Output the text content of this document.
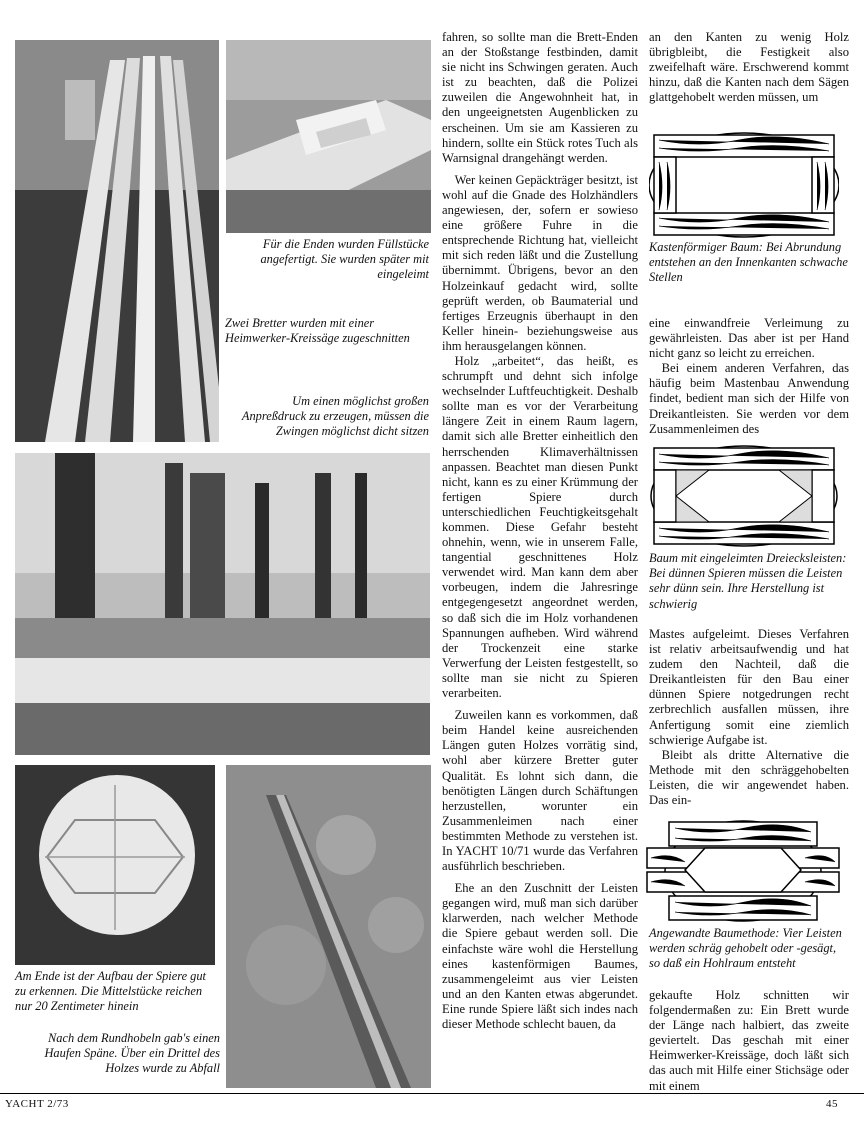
Für die Enden wurden Füllstücke angefertigt. Sie wurden später mit eingeleimt

Zwei Bretter wurden mit einer Heimwerker-Kreissäge zugeschnitten

Um einen möglichst großen Anpreßdruck zu erzeugen, müssen die Zwingen möglichst dicht sitzen

Am Ende ist der Aufbau der Spiere gut zu erkennen. Die Mittelstücke reichen nur 20 Zentimeter hinein

Nach dem Rundhobeln gab's einen Haufen Späne. Über ein Drittel des Holzes wurde zu Abfall

fahren, so sollte man die Brett-Enden an der Stoßstange festbinden, damit sie nicht ins Schwingen geraten. Auch ist zu beachten, daß die Polizei zuweilen die Angewohnheit hat, in den ungeeignetsten Augenblicken zu erscheinen. Um sie am Kassieren zu hindern, sollte ein Stück rotes Tuch als Warnsignal drangehängt werden.

Wer keinen Gepäckträger besitzt, ist wohl auf die Gnade des Holzhändlers angewiesen, der, sofern er sowieso eine größere Fuhre in die entsprechende Richtung hat, vielleicht mit sich reden läßt und die Zustellung übernimmt. Übrigens, bevor an den Holzeinkauf gedacht wird, sollte geprüft werden, ob Baumaterial und fertiges Erzeugnis überhaupt in den Keller hinein- beziehungsweise aus ihm herausgelangen können.

Holz „arbeitet“, das heißt, es schrumpft und dehnt sich infolge wechselnder Luftfeuchtigkeit. Deshalb sollte man es vor der Verarbeitung längere Zeit in einem Raum lagern, damit sich alle Bretter einheitlich den herrschenden Klimaverhältnissen anpassen. Beachtet man diesen Punkt nicht, kann es zu einer Krümmung der fertigen Spiere durch unterschiedlichen Feuchtigkeitsgehalt kommen. Diese Gefahr besteht ohnehin, wenn, wie in unserem Falle, tangential geschnittenes Holz verwendet wird. Man kann dem aber vorbeugen, indem die Jahresringe entgegengesetzt angeordnet werden, so daß sich die im Holz vorhandenen Spannungen aufheben. Wird während der Trockenzeit eine starke Verwerfung der Leisten festgestellt, so sollte man sie nicht zu Spieren verarbeiten.

Zuweilen kann es vorkommen, daß beim Handel keine ausreichenden Längen guten Holzes vorrätig sind, wohl aber kürzere Bretter guter Qualität. Es lohnt sich dann, die benötigten Längen durch Schäftungen herzustellen, worunter ein Zusammenleimen nach einer bestimmten Methode zu verstehen ist. In YACHT 10/71 wurde das Verfahren ausführlich beschrieben.

Ehe an den Zuschnitt der Leisten gegangen wird, muß man sich darüber klarwerden, nach welcher Methode die Spiere gebaut werden soll. Die einfachste wäre wohl die Herstellung eines kastenförmigen Baumes, zusammengeleimt aus vier Leisten und an den Kanten etwas abgerundet. Eine runde Spiere läßt sich indes nach dieser Methode schlecht bauen, da

an den Kanten zu wenig Holz übrigbleibt, die Festigkeit also zweifelhaft wäre. Erschwerend kommt hinzu, daß die Kanten nach dem Sägen glattgehobelt werden müssen, um

Kastenförmiger Baum: Bei Abrundung entstehen an den Innenkanten schwache Stellen

eine einwandfreie Verleimung zu gewährleisten. Das aber ist per Hand nicht ganz so leicht zu erreichen.

Bei einem anderen Verfahren, das häufig beim Mastenbau Anwendung findet, bedient man sich der Hilfe von Dreikantleisten. Sie werden vor dem Zusammenleimen des

Baum mit eingeleimten Dreiecksleisten: Bei dünnen Spieren müssen die Leisten sehr dünn sein. Ihre Herstellung ist schwierig

Mastes aufgeleimt. Dieses Verfahren ist relativ arbeitsaufwendig und hat zudem den Nachteil, daß die Dreikantleisten für den Bau einer dünnen Spiere notgedrungen recht zerbrechlich ausfallen müssen, ihre Anfertigung somit eine ziemlich schwierige Aufgabe ist.

Bleibt als dritte Alternative die Methode mit den schräggehobelten Leisten, die wir angewendet haben. Das ein-

Angewandte Baumethode: Vier Leisten werden schräg gehobelt oder -gesägt, so daß ein Hohlraum entsteht

gekaufte Holz schnitten wir folgendermaßen zu: Ein Brett wurde der Länge nach halbiert, das zweite geviertelt. Das geschah mit einer Heimwerker-Kreissäge, doch läßt sich das auch mit Hilfe einer Stichsäge oder mit einem

YACHT 2/73	45
